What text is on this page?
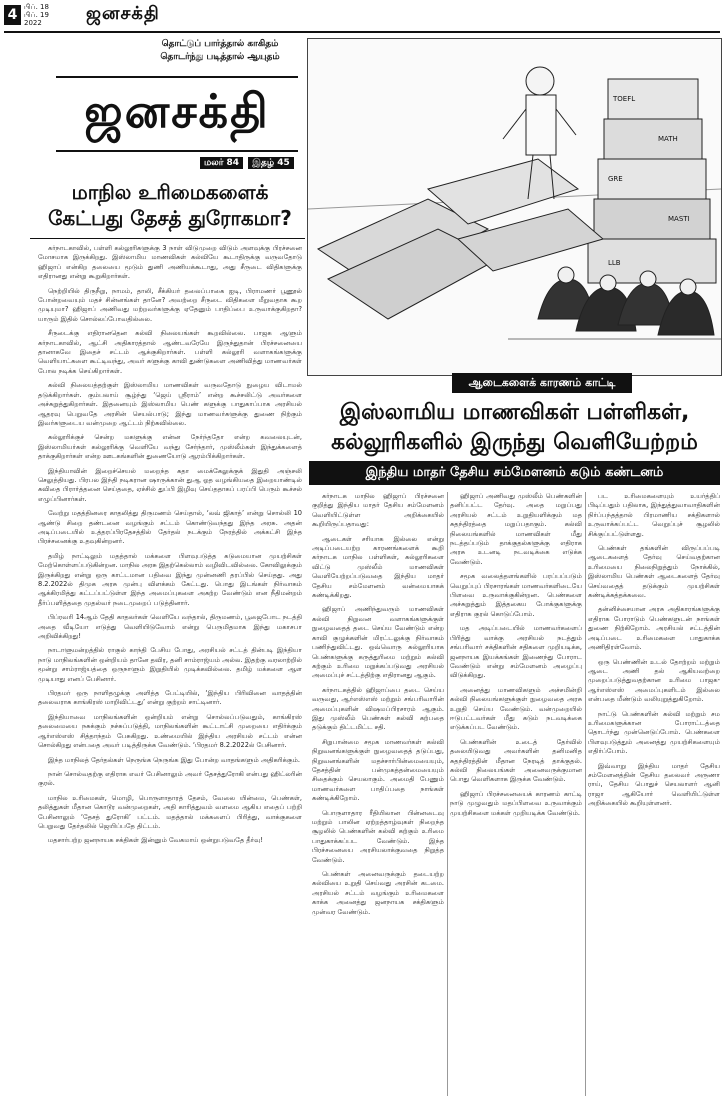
4 பிப். 18
பிப். 19
2022	ஜனசக்தி
தொட்டுப் பார்த்தால் காகிதம்
தொடர்ந்து படித்தால் ஆயுதம்
ஜனசக்தி
மலர் 84 இதழ் 45
மாநில உரிமைகளைக்
கேட்பது தேசத் துரோகமா?

கர்நாடகாவில், பள்ளி கல்லூரிகளுக்கு 3 நாள் விடுமுறை விடும் அளவுக்கு பிரச்சனை மோசமாக இருக்கிறது. இஸ்லாமிய மாணவிகள் கல்வியே கூடாதிருக்கு வருவதோடு ஹிஜாப் என்கிற தலையை மூடும் துணி அணியக்கூடாது, அது சீருடை விதிகளுக்கு எதிரானது என்று கூறுகிறார்கள்.

நெற்றியில் திருநீறு, நாமம், தாலி, சீக்கியர் தலைப்பாகை ஐடி, பிராமணர் பூணூல் போன்றவையும் மதச் சின்னங்கள் தானே? அவற்றை சீருடை விதிகளை மீறுவதாக கூற முடியுமா? ஹிஜாப் அணிவது மற்றவர்களுக்கு ஏதேனும் பாதிப்பை உருவாக்குகிறதா? யாரும் இதில் சொல்லப்போவதில்லை.

சீருடைக்கு எதிரானதென கல்வி நிலையங்கள் கூறவில்லை. பாஜக ஆளும் கர்நாடகாவில், ஆட்சி அதிகாரத்தால் ஆண்டவரேயே இருந்துதான் பிரச்சனையை தானாகவே இதைச் சட்டம் ஆக்குகிறார்கள். பள்ளி கல்லூரி வளாகங்களுக்கு வெளியாட்களை கூட்டிவந்து, அவர் களுக்கு காவி துண்டுகளை அணிவித்து மாணவர்கள் போல நடிக்க செய்கிறார்கள்.

கல்வி நிலையத்தற்குள் இஸ்லாமிய மாணவிகள் வருவதோடு நுழைய விடாமல் தடுக்கிறார்கள். கும்பலாய் சூழ்ந்து ‘ஜெய் ஸ்ரீராம்’ என்ற கூச்சலிட்டு அவர்களை அச்சுறுத்துகிறார்கள். இதனையும் இஸ்லாமிய பெண் களுக்கு பாதுகாப்பாக அரசியல் ஆதரவு பெறுவதே அரசின் செயல்பாடு; இந்து மாணவர்களுக்கு துணை நிற்கும் இவர்களுடைய வன்முறை ஆட்டம் நிற்கவில்லை.

கல்லூரிக்குச் சென்ற மகளுக்கு என்ன நேர்ந்ததோ என்ற கவலையுடன், இஸ்லாமியர்கள் கல்லூரிக்கு வெளியே வந்து சேர்ந்தார், முஸ்லீம்கள் இந்துக்களைத் தாக்குகிறார்கள் என்ற ஊடகங்களின் துணையோடு ஆரம்பிக்கிறார்கள்.

இந்தியாவின் இறைச்செயல் மறைந்த கதா மைக்கேலுக்குக் இதுதி அஞ்சலி செலுத்தியது. பிரபல இந்தி நடிகரான ஷாருக்கான் துஆ ஓத வழங்கியதை இறையாண்டில் கவிதை பிரார்த்தனை செய்ததை, ஏச்சில் துப்பி இழிவு செய்ததாகப் பரப்பி பெரும் கூச்சல் எழுப்பினார்கள்.

வேற்று மதத்தினரை காதலித்து திருமணம் செய்தால், ‘லவ் ஜிகாத்’ என்று சொல்லி 10 ஆண்டு சிறை தண்டனை வழங்கும் சட்டம் கொண்டுவந்தது இந்த அரசு. அதன் அடிப்படையில் உத்தரப்பிரதேசத்தில் தேர்தல் நடக்கும் நேரத்தில் அக்கட்சி இந்த பிரச்சனைக்கு உதவுகின்றனர்.

தமிழ் நாட்டிலும் மதத்தால் மக்களை பிளவுபடுத்த கடுமையான முயற்சிகள் மேற்கொள்ளப்படுகின்றன. மாநில அரசு இதற்கெல்லாம் வழிவிடவில்லை. கோவிலுக்கும் இருக்கிறது என்று ஒரு காட்டமான பதிவை இந்து முன்னணி தரப்பில் செய்தது. அது 8.2.2022ல் திமுக அரசு முன்பு விளக்கம் கேட்டது. பொது இடங்கள் நிர்வாகம் ஆக்கிரமித்து கட்டப்பட்டுள்ள இந்த அமைப்புகளை அகற்ற வேண்டும் என நீதிமன்றம் தீர்ப்பளித்ததை முதல்வர் நடைமுறைப் படுத்தினார்.

பிப்ரவரி 14ஆம் தேதி காதலர்கள் வெளியே வந்தால், திருமணம், பூஜைபோட நடத்தி அதை வீடியோ எடுத்து வெளியிடுவோம் என்று பெருமிதமாக இந்து மகாசபா அறிவிக்கிறது!

நாடாளுமன்றத்தில் ராகுல் காந்தி பேசிய போது, அரசியல் சட்டத் தின்படி இந்தியா நாடு மாநிலங்களின் ஒன்றியம் தானே தவிர, தனி சாம்ராஜ்யம் அல்ல. இதற்கு வரலாற்றில் மூன்று சாம்ராஜ்யத்தை ஒருநாளும் இறுதியில் முடிக்கவில்லை. தமிழ் மக்களை ஆள முடியாது எனப் பேசினார்.

பிரதமர் ஒரு நாளிதழுக்கு அளித்த பேட்டியில், ‘இந்திய பிரிவினை வாதத்தின் தலைவராக காங்கிரஸ் மாறிவிட்டது’ என்று குற்றம் சாட்டினார்.

இந்தியாவை மாநிலங்களின் ஒன்றியம் என்று சொல்லப்படுவதும், காங்கிரஸ் தலைமையை நசுக்கும் நச்சுப்படுத்தி, மாநிலங்களின் கூட்டாட்சி முறையை எதிர்க்கும் ஆர்எஸ்எஸ் சித்தாந்தம் பேசுகிறது. உண்மையில் இந்திய அரசியல் சட்டம் என்ன சொல்கிறது என்பதை அவர் படித்திருக்க வேண்டும். ‘பிரதமர் 8.2.2022ல் பேசினார்.

இந்த மாநிலத் தேர்தல்கள் நெருங்க நெருங்க இது போன்ற வாதங்களும் அதிகரிக்கும்.

நான் சொல்வதற்கு எதிராக எவர் பேசினாலும் அவர் தேசத்துரோகி என்பது ஹிட்லரின் குரல்.

மாநில உரிமைகள், மொழி, பொருளாதாரத் தேசம், வேலை யின்மை, பெண்கள், தலித்துகள் மீதான கொடூர வன்முறைகள், அதி காரித்துவம் வளமை ஆகிய எதைப் பற்றி பேசினாலும் ‘தேசத் துரோகி’ பட்டம். மதத்தால் மக்களைப் பிரித்து, வாக்குகளை பெறுவது தேர்தலில் ஜெயிப்பதே திட்டம்.

மதசார்பற்ற ஜனநாயக சக்திகள் இன்னும் வேகமாய் ஒன்றுபடுவதே தீர்வு!

TOEFL
MATH
GRE
MASTI
LLB
ஆடைகளைக் காரணம் காட்டி
இஸ்லாமிய மாணவிகள் பள்ளிகள்,
கல்லூரிகளில் இருந்து வெளியேற்றம்
இந்திய மாதர் தேசிய சம்மேளனம் கடும் கண்டனம்

கர்நாடக மாநில ஹிஜாப் பிரச்சனை குறித்து இந்திய மாதர் தேசிய சம்மேளனம் வெளியிட்டுள்ள அறிக்கையில் கூறியிருப்பதாவது:

ஆடைகள் சரியாக இல்லை என்று அடிப்படையற்ற காரணங்களைக் கூறி கர்நாடக மாநில பள்ளிகள், கல்லூரிகளை விட்டு முஸ்லீம் மாணவிகள் வெளியேற்றப்படுவதை இந்திய மாதர் தேசிய சம்மேளனம் வன்மையாகக் கண்டிக்கிறது.

ஹிஜாப் அணிந்துவரும் மாணவிகள் கல்வி நிறுவன வளாகங்களுக்குள் நுழைவதைத் தடை செய்ய வேண்டும் என்ற காவி குழுக்களின் மிரட்டலுக்கு நிர்வாகம் பணிந்துவிட்டது. ஒவ்வொரு கல்லூரியாக பெண்களுக்கு கருத்துரிமை மற்றும் கல்வி கற்கும் உரிமை மறுக்கப்படுவது அரசியல் அமைப்புச் சட்டத்திற்கு எதிரானது ஆகும்.

கர்நாடகத்தில் ஹிஜாப்பை தடை செய்ய வருவது, ஆர்எஸ்எஸ் மற்றும் சங்பரிவாரின் அமைப்புகளின் விஷமப்பிரசாரம் ஆகும். இது முஸ்லீம் பெண்கள் கல்வி கற்பதை தடுக்கும் திட்டமிட்ட சதி.

சிறுபான்மை சமூக மாணவர்கள் கல்வி நிறுவனங்களுக்குள் நுழைவதைத் தடுப்பது, நிறுவனங்களின் மதச்சார்பின்மையையும், தேசத்தின் பன்முகத்தன்மையையும் சிதைக்கும் செயலாகும். அமைதி பேணும் மாணவர்களை பாதிப்பதை நாங்கள் கண்டிக்கிறோம்.

பொருளாதார ரீதியிலான பின்னடைவு மற்றும் பாலின ஏற்றத்தாழ்வுகள் நிறைந்த சூழலில் பெண்களின் கல்வி கற்கும் உரிமை பாதுகாக்கப்பட வேண்டும். இந்த பிரச்சனையை அரசியலாக்குவதை நிறுத்த வேண்டும்.

பெண்கள் அனைவருக்கும் தடையற்ற கல்வியை உறுதி செய்வது அரசின் கடமை. அரசியல் சட்டம் வழங்கும் உரிமைகளை காக்க அனைத்து ஜனநாயக சக்திகளும் முன்வர வேண்டும்.

ஹிஜாப் அணிவது முஸ்லீம் பெண்களின் தனிப்பட்ட தேர்வு. அதை மறுப்பது அரசியல் சட்டம் உறுதியளிக்கும் மத சுதந்திரத்தை மறுப்பதாகும். கல்வி நிலையங்களில் மாணவிகள் மீது நடத்தப்படும் தாக்குதல்களுக்கு எதிராக அரசு உடனடி நடவடிக்கை எடுக்க வேண்டும்.

சமூக வலைத்தளங்களில் பரப்பப்படும் வெறுப்புப் பிரசாரங்கள் மாணவர்களிடையே பிளவை உருவாக்குகின்றன. பெண்களை அச்சுறுத்தும் இத்தகைய போக்குகளுக்கு எதிராக குரல் கொடுப்போம்.

மத அடிப்படையில் மாணவர்களைப் பிரித்து வாக்கு அரசியல் நடத்தும் சங்பரிவார் சக்திகளின் சதிகளை முறியடிக்க, ஜனநாயக இயக்கங்கள் இணைந்து போராட வேண்டும் என்று சம்மேளனம் அழைப்பு விடுக்கிறது.

அனைத்து மாணவிகளும் அச்சமின்றி கல்வி நிலையங்களுக்குள் நுழைவதை அரசு உறுதி செய்ய வேண்டும். வன்முறையில் ஈடுபட்டவர்கள் மீது கடும் நடவடிக்கை எடுக்கப்பட வேண்டும்.

பெண்களின் உடைத் தேர்வில் தலையிடுவது அவர்களின் தனிமனித சுதந்திரத்தின் மீதான நேரடித் தாக்குதல். கல்வி நிலையங்கள் அனைவருக்குமான பொது வெளிகளாக இருக்க வேண்டும்.

ஹிஜாப் பிரச்சனையைக் காரணம் காட்டி நாடு முழுவதும் மதப்பிளவை உருவாக்கும் முயற்சிகளை மக்கள் முறியடிக்க வேண்டும்.

பட உரிமைகளையும் உயர்த்திப் பிடிப்பதும் பதிலாக, இந்துத்துவாவாதிகளின் நிர்ப்பந்தத்தால் பிரமாணிய சக்திகளால் உருவாக்கப்பட்ட வெறுப்புச் சூழலில் சிக்குப்பட்டுள்ளது.

பெண்கள் தங்களின் விருப்பப்படி ஆடைகளைத் தேர்வு செய்வதற்கான உரிமையை நிலைநிறுத்தும் நோக்கில், இஸ்லாமிய பெண்கள் ஆடைகளைத் தேர்வு செய்வதைத் தடுக்கும் முயற்சிகள் கண்டிக்கத்தக்கவை.

தன்னிச்சையான அரசு அதிகாரங்களுக்கு எதிராக போராடும் பெண்களுடன் நாங்கள் துணை நிற்கிறோம். அரசியல் சட்டத்தின் அடிப்படை உரிமைகளை பாதுகாக்க அணிதிரள்வோம்.

ஒரு பெண்ணின் உடல் தோற்றம் மற்றும் ஆடை அணி தல் ஆகியவற்றை முறைப்படுத்துவதற்கான உரிமை பாஜக-ஆர்எஸ்எஸ் அமைப்புகளிடம் இல்லை என்பதை மீண்டும் வலியுறுத்துகிறோம்.

நாட்டு பெண்களின் கல்வி மற்றும் சம உரிமைகளுக்கான போராட்டத்தை தொடர்ந்து முன்னெடுப்போம். பெண்களை பிளவுபடுத்தும் அனைத்து முயற்சிகளையும் எதிர்ப்போம்.

இவ்வாறு இந்திய மாதர் தேசிய சம்மேளனத்தின் தேசிய தலைவர் அருணா ராய், தேசிய பொதுச் செயலாளர் ஆனி ராஜா ஆகியோர் வெளியிட்டுள்ள அறிக்கையில் கூறியுள்ளனர்.
